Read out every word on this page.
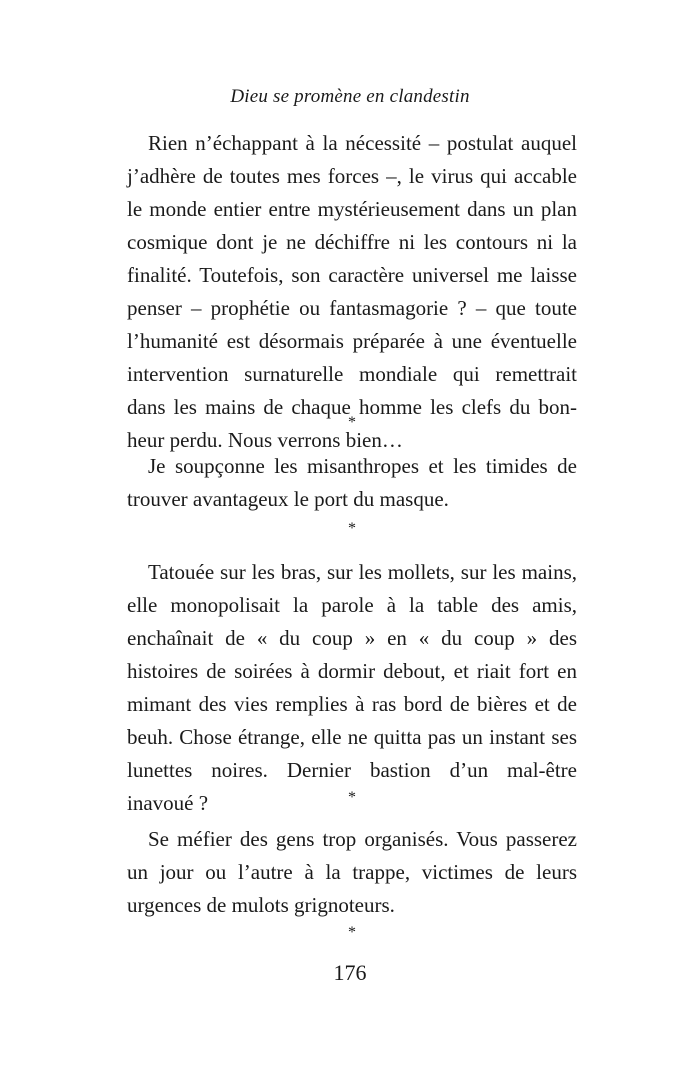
Dieu se promène en clandestin

Rien n’échappant à la nécessité – postulat auquel j’adhère de toutes mes forces –, le virus qui accable le monde entier entre mystérieusement dans un plan cosmique dont je ne déchiffre ni les contours ni la finalité. Toutefois, son caractère universel me laisse penser – prophétie ou fantasmagorie ? – que toute l’humanité est désormais préparée à une éventuelle intervention surnaturelle mondiale qui remettrait dans les mains de chaque homme les clefs du bonheur perdu. Nous verrons bien…

*

Je soupçonne les misanthropes et les timides de trouver avantageux le port du masque.

*

Tatouée sur les bras, sur les mollets, sur les mains, elle monopolisait la parole à la table des amis, enchaînait de « du coup » en « du coup » des histoires de soirées à dormir debout, et riait fort en mimant des vies remplies à ras bord de bières et de beuh. Chose étrange, elle ne quitta pas un instant ses lunettes noires. Dernier bastion d’un mal-être inavoué ?	*

Se méfier des gens trop organisés. Vous passerez un jour ou l’autre à la trappe, victimes de leurs urgences de mulots grignoteurs.

*

176
